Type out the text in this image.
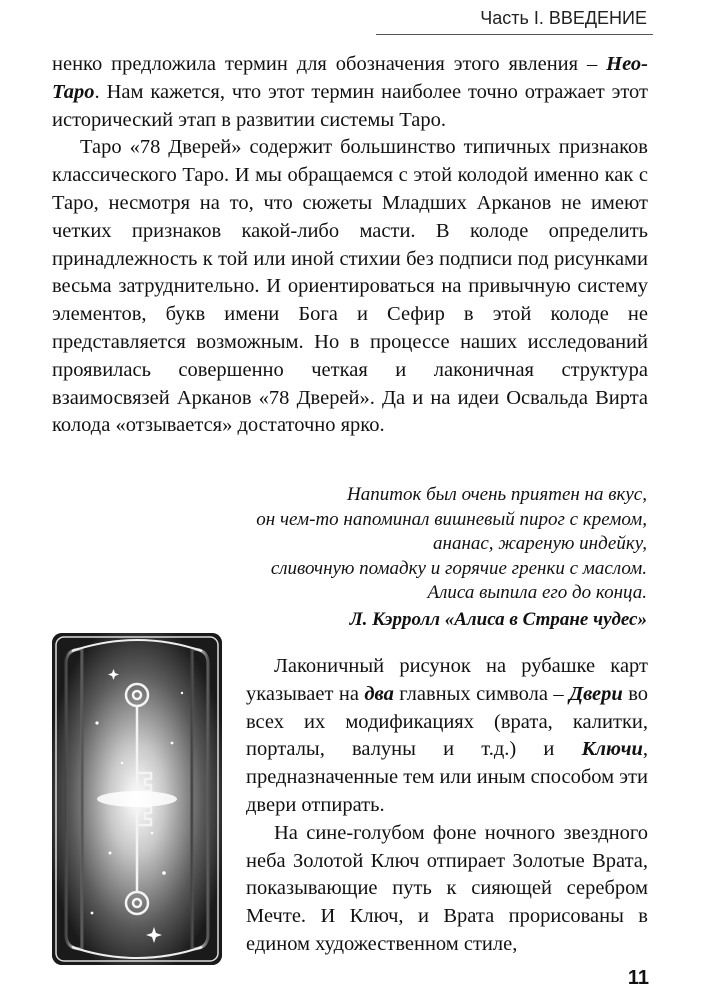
Часть I. ВВЕДЕНИЕ

ненко предложила термин для обозначения этого явления – Нео-Таро. Нам кажется, что этот термин наиболее точно отражает этот исторический этап в развитии системы Таро.

Таро «78 Дверей» содержит большинство типичных признаков классического Таро. И мы обращаемся с этой колодой именно как с Таро, несмотря на то, что сюжеты Младших Арканов не имеют четких признаков какой-либо масти. В колоде определить принадлежность к той или иной стихии без подписи под рисунками весьма затруднительно. И ориентироваться на привычную систему элементов, букв имени Бога и Сефир в этой колоде не представляется возможным. Но в процессе наших исследований проявилась совершенно четкая и лаконичная структура взаимосвязей Арканов «78 Дверей». Да и на идеи Освальда Вирта колода «отзывается» достаточно ярко.

Напиток был очень приятен на вкус,
он чем-то напоминал вишневый пирог с кремом,
ананас, жареную индейку,
сливочную помадку и горячие гренки с маслом.
Алиса выпила его до конца.
Л. Кэрролл «Алиса в Стране чудес»

Лаконичный рисунок на рубашке карт указывает на два главных символа – Двери во всех их модификациях (врата, калитки, порталы, валуны и т.д.) и Ключи, предназначенные тем или иным способом эти двери отпирать.

На сине-голубом фоне ночного звездного неба Золотой Ключ отпирает Золотые Врата, показывающие путь к сияющей серебром Мечте. И Ключ, и Врата прорисованы в едином художественном стиле,

11
